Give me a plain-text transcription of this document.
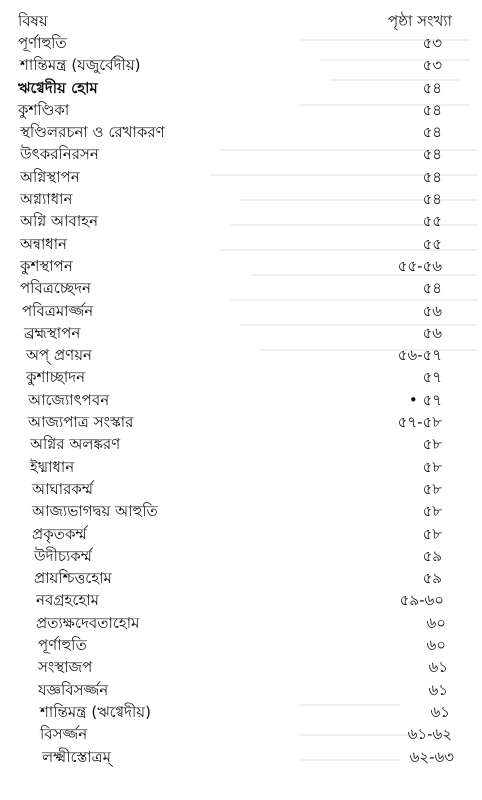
বিষয়	পৃষ্ঠা সংখ্যা
পূর্ণাহুতি	৫৩
শান্তিমন্ত্র (যজুর্বেদীয়)	৫৩
ঋগ্বেদীয় হোম	৫৪
কুশণ্ডিকা	৫৪
স্থণ্ডিলরচনা ও রেখাকরণ	৫৪
উৎকরনিরসন	৫৪
অগ্নিস্থাপন	৫৪
অগ্ন্যাধান	৫৪
অগ্নি আবাহন	৫৫
অন্বাধান	৫৫
কুশস্থাপন	৫৫-৫৬
পবিত্রচ্ছেদন	৫৪
পবিত্রমার্জ্জন	৫৬
ব্রহ্মস্থাপন	৫৬
অপ্ প্রণয়ন	৫৬-৫৭
কুশাচ্ছাদন	৫৭
আজ্যোৎপবন	• ৫৭
আজ্যপাত্র সংস্কার	৫৭-৫৮
অগ্নির অলঙ্করণ	৫৮
ইধ্মাধান	৫৮
আঘারকর্ম্ম	৫৮
আজ্যভাগদ্বয় আহুতি	৫৮
প্রকৃতকর্ম্ম	৫৮
উদীচ্যকর্ম্ম	৫৯
প্রায়শ্চিত্তহোম	৫৯
নবগ্রহহোম	৫৯-৬০
প্রত্যক্ষদেবতাহোম	৬০
পূর্ণাহুতি	৬০
সংস্থাজপ	৬১
যজ্ঞবিসর্জ্জন	৬১
শান্তিমন্ত্র (ঋগ্বেদীয়)	৬১
বিসর্জ্জন	৬১-৬২
লক্ষ্মীস্তোত্রম্	৬২-৬৩
